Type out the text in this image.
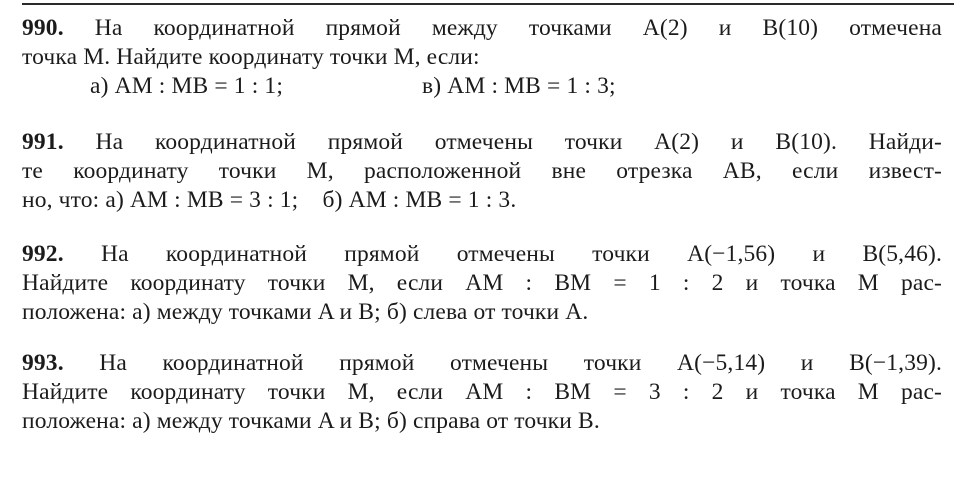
990. На координатной прямой между точками A(2) и B(10) отмечена
точка M. Найдите координату точки M, если:
а) AM : MB = 1 : 1;	в) AM : MB = 1 : 3;
991. На координатной прямой отмечены точки A(2) и B(10). Найди-
те координату точки M, расположенной вне отрезка AB, если извест-
но, что: а) AM : MB = 3 : 1;    б) AM : MB = 1 : 3.
992. На координатной прямой отмечены точки A(−1,56) и B(5,46).
Найдите координату точки M, если AM : BM = 1 : 2 и точка M рас-
положена: а) между точками A и B; б) слева от точки A.
993. На координатной прямой отмечены точки A(−5,14) и B(−1,39).
Найдите координату точки M, если AM : BM = 3 : 2 и точка M рас-
положена: а) между точками A и B; б) справа от точки B.
